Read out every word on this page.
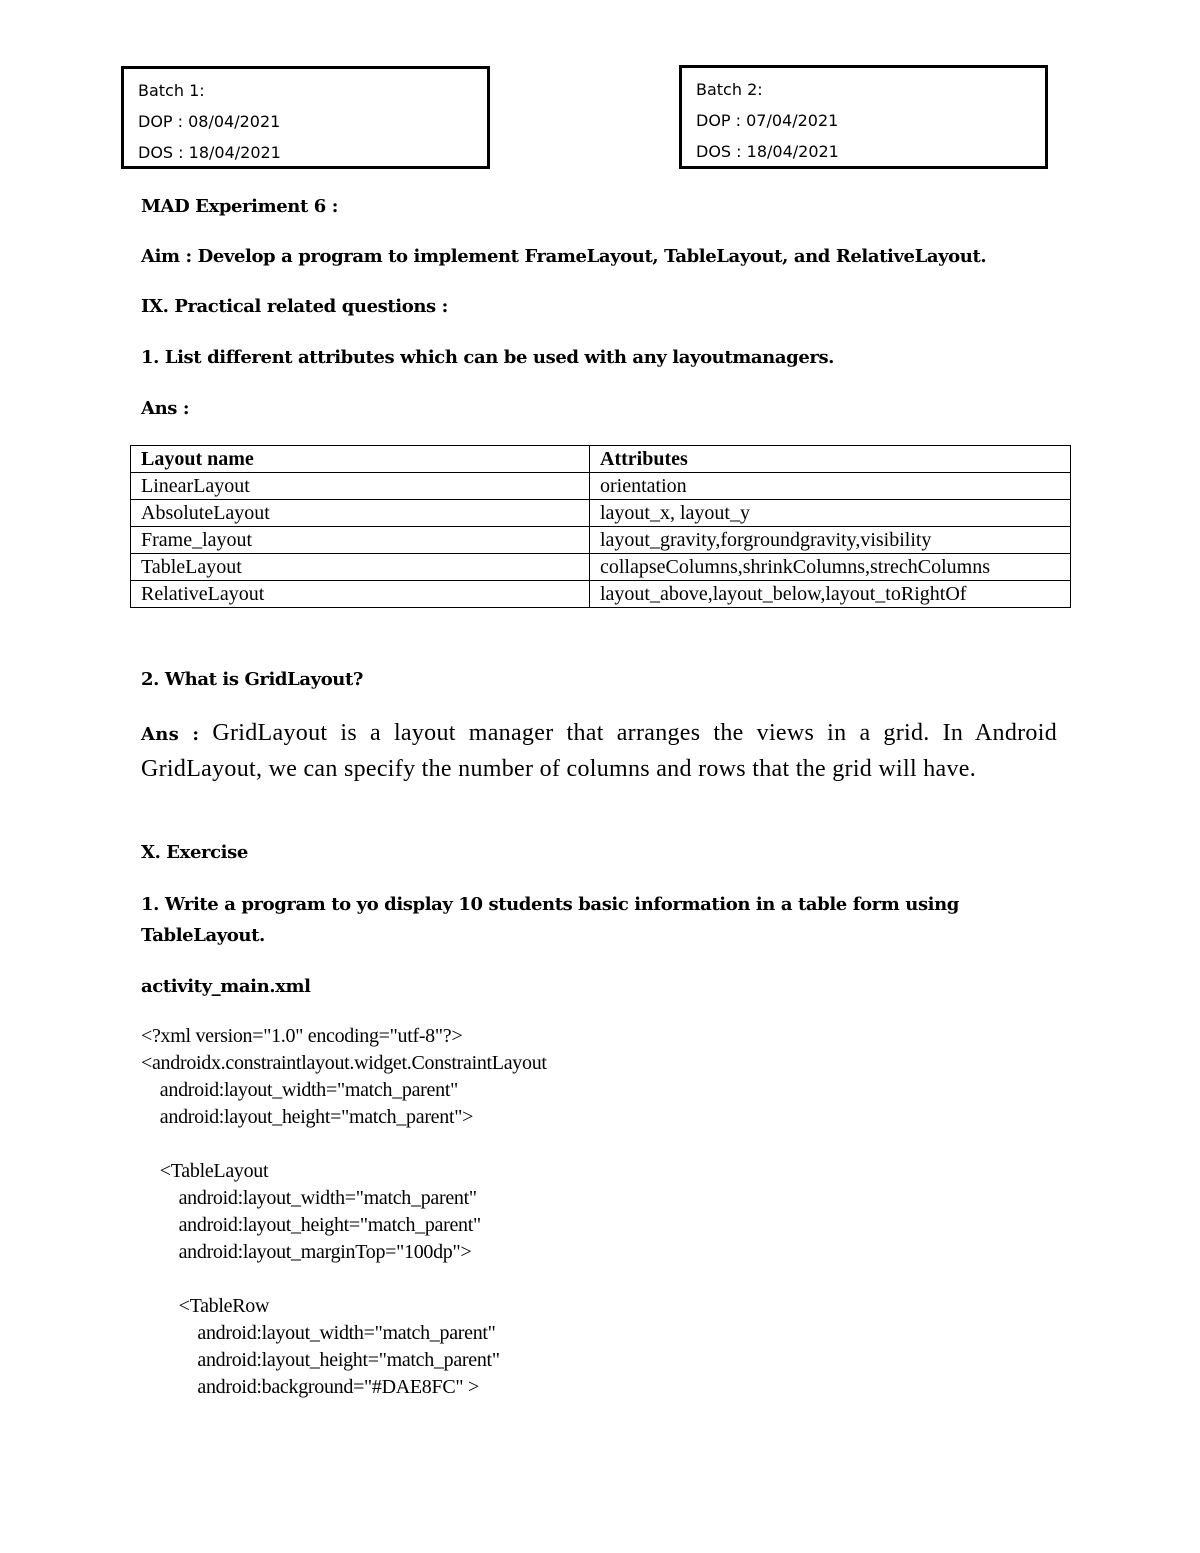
Batch 1:
DOP : 08/04/2021
DOS : 18/04/2021
Batch 2:
DOP : 07/04/2021
DOS : 18/04/2021
MAD Experiment 6 :
Aim : Develop a program to implement FrameLayout, TableLayout, and RelativeLayout.
IX. Practical related questions :
1. List different attributes which can be used with any layoutmanagers.
Ans :
Layout name	Attributes
LinearLayout	orientation
AbsoluteLayout	layout_x, layout_y
Frame_layout	layout_gravity,forgroundgravity,visibility
TableLayout	collapseColumns,shrinkColumns,strechColumns
RelativeLayout	layout_above,layout_below,layout_toRightOf
2. What is GridLayout?
Ans : GridLayout is a layout manager that arranges the views in a grid. In Android GridLayout, we can specify the number of columns and rows that the grid will have.
X. Exercise
1. Write a program to yo display 10 students basic information in a table form using
TableLayout.
activity_main.xml
<?xml version="1.0" encoding="utf-8"?>
<androidx.constraintlayout.widget.ConstraintLayout
android:layout_width="match_parent"
android:layout_height="match_parent">

<TableLayout
android:layout_width="match_parent"
android:layout_height="match_parent"
android:layout_marginTop="100dp">

<TableRow
android:layout_width="match_parent"
android:layout_height="match_parent"
android:background="#DAE8FC" >
